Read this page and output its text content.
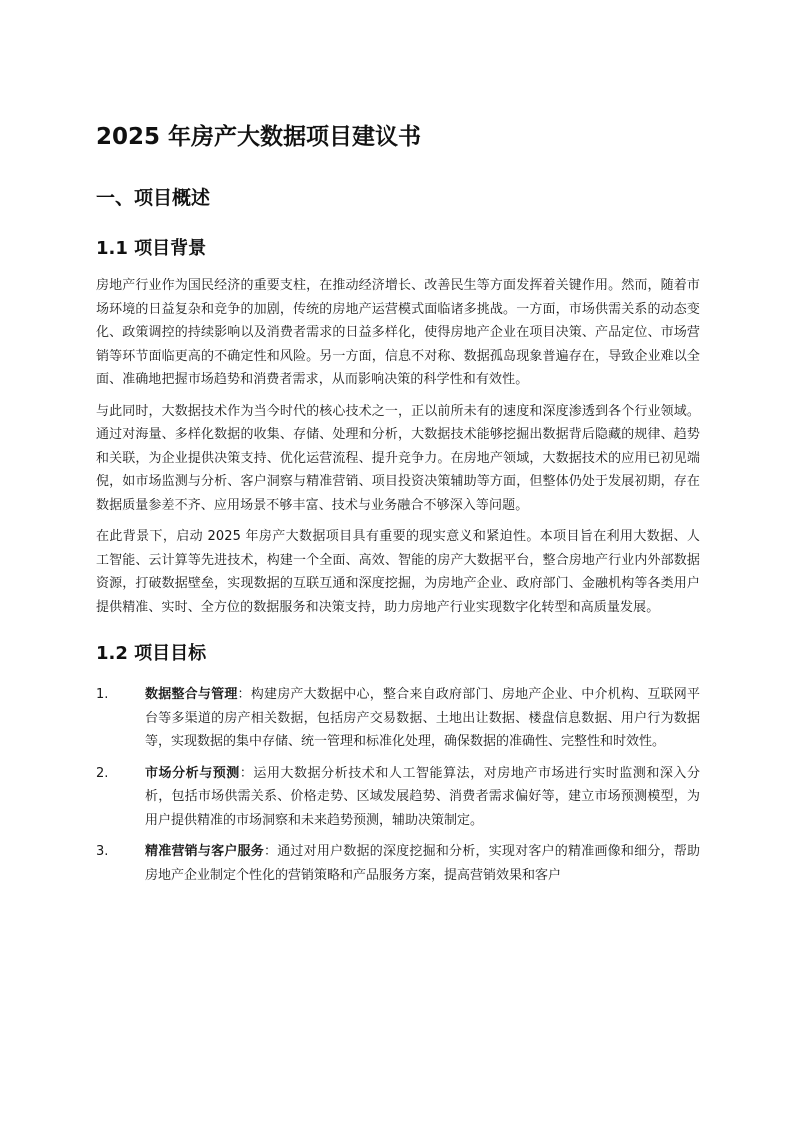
2025 年房产大数据项目建议书
一、项目概述
1.1 项目背景

房地产行业作为国民经济的重要支柱，在推动经济增长、改善民生等方面发挥着关键作用。然而，随着市场环境的日益复杂和竞争的加剧，传统的房地产运营模式面临诸多挑战。一方面，市场供需关系的动态变化、政策调控的持续影响以及消费者需求的日益多样化，使得房地产企业在项目决策、产品定位、市场营销等环节面临更高的不确定性和风险。另一方面，信息不对称、数据孤岛现象普遍存在，导致企业难以全面、准确地把握市场趋势和消费者需求，从而影响决策的科学性和有效性。

与此同时，大数据技术作为当今时代的核心技术之一，正以前所未有的速度和深度渗透到各个行业领域。通过对海量、多样化数据的收集、存储、处理和分析，大数据技术能够挖掘出数据背后隐藏的规律、趋势和关联，为企业提供决策支持、优化运营流程、提升竞争力。在房地产领域，大数据技术的应用已初见端倪，如市场监测与分析、客户洞察与精准营销、项目投资决策辅助等方面，但整体仍处于发展初期，存在数据质量参差不齐、应用场景不够丰富、技术与业务融合不够深入等问题。

在此背景下，启动 2025 年房产大数据项目具有重要的现实意义和紧迫性。本项目旨在利用大数据、人工智能、云计算等先进技术，构建一个全面、高效、智能的房产大数据平台，整合房地产行业内外部数据资源，打破数据壁垒，实现数据的互联互通和深度挖掘，为房地产企业、政府部门、金融机构等各类用户提供精准、实时、全方位的数据服务和决策支持，助力房地产行业实现数字化转型和高质量发展。

1.2 项目目标
1.	数据整合与管理：构建房产大数据中心，整合来自政府部门、房地产企业、中介机构、互联网平台等多渠道的房产相关数据，包括房产交易数据、土地出让数据、楼盘信息数据、用户行为数据等，实现数据的集中存储、统一管理和标准化处理，确保数据的准确性、完整性和时效性。
2.	市场分析与预测：运用大数据分析技术和人工智能算法，对房地产市场进行实时监测和深入分析，包括市场供需关系、价格走势、区域发展趋势、消费者需求偏好等，建立市场预测模型，为用户提供精准的市场洞察和未来趋势预测，辅助决策制定。
3.	精准营销与客户服务：通过对用户数据的深度挖掘和分析，实现对客户的精准画像和细分，帮助房地产企业制定个性化的营销策略和产品服务方案，提高营销效果和客户
